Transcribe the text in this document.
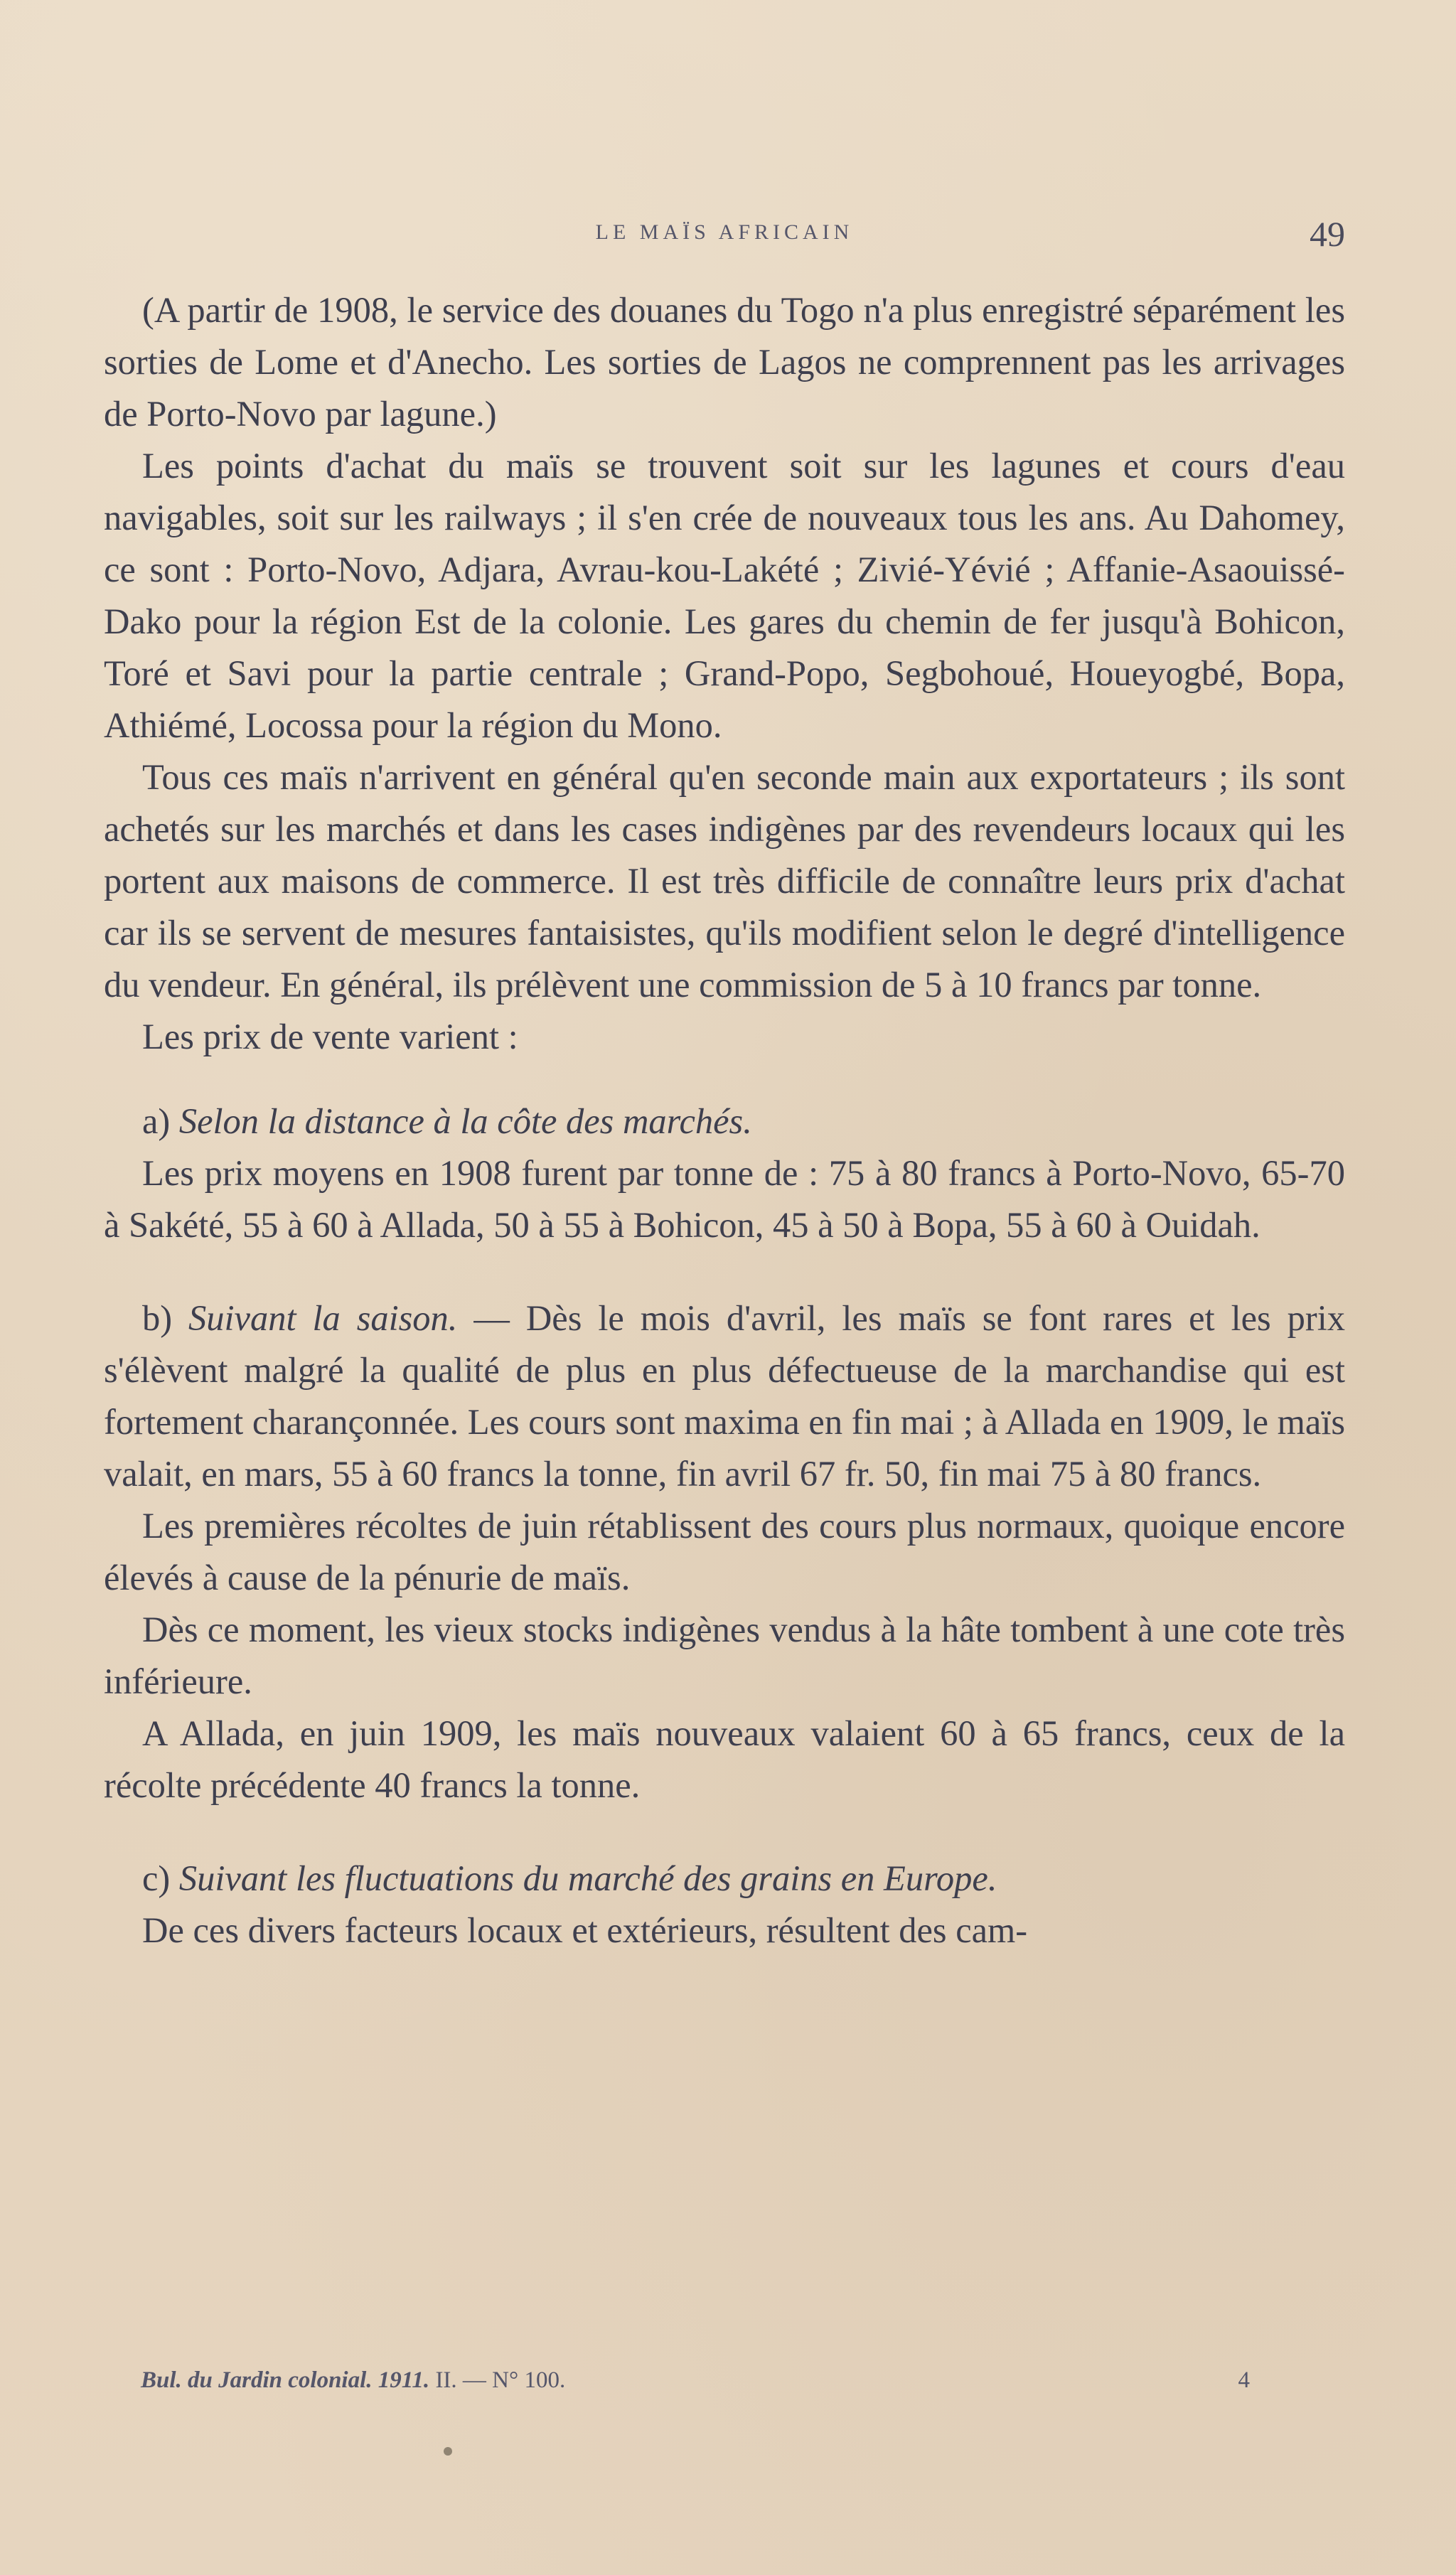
LE MAÏS AFRICAIN	49

(A partir de 1908, le service des douanes du Togo n'a plus enregistré séparément les sorties de Lome et d'Anecho. Les sorties de Lagos ne comprennent pas les arrivages de Porto-Novo par lagune.)

Les points d'achat du maïs se trouvent soit sur les lagunes et cours d'eau navigables, soit sur les railways ; il s'en crée de nouveaux tous les ans. Au Dahomey, ce sont : Porto-Novo, Adjara, Avrau-kou-Lakété ; Zivié-Yévié ; Affanie-Asaouissé-Dako pour la région Est de la colonie. Les gares du chemin de fer jusqu'à Bohicon, Toré et Savi pour la partie centrale ; Grand-Popo, Segbohoué, Houeyogbé, Bopa, Athiémé, Locossa pour la région du Mono.

Tous ces maïs n'arrivent en général qu'en seconde main aux exportateurs ; ils sont achetés sur les marchés et dans les cases indigènes par des revendeurs locaux qui les portent aux maisons de commerce. Il est très difficile de connaître leurs prix d'achat car ils se servent de mesures fantaisistes, qu'ils modifient selon le degré d'intelligence du vendeur. En général, ils prélèvent une commission de 5 à 10 francs par tonne.

Les prix de vente varient :

a) Selon la distance à la côte des marchés.

Les prix moyens en 1908 furent par tonne de : 75 à 80 francs à Porto-Novo, 65-70 à Sakété, 55 à 60 à Allada, 50 à 55 à Bohicon, 45 à 50 à Bopa, 55 à 60 à Ouidah.

b) Suivant la saison. — Dès le mois d'avril, les maïs se font rares et les prix s'élèvent malgré la qualité de plus en plus défectueuse de la marchandise qui est fortement charançonnée. Les cours sont maxima en fin mai ; à Allada en 1909, le maïs valait, en mars, 55 à 60 francs la tonne, fin avril 67 fr. 50, fin mai 75 à 80 francs.

Les premières récoltes de juin rétablissent des cours plus normaux, quoique encore élevés à cause de la pénurie de maïs.

Dès ce moment, les vieux stocks indigènes vendus à la hâte tombent à une cote très inférieure.

A Allada, en juin 1909, les maïs nouveaux valaient 60 à 65 francs, ceux de la récolte précédente 40 francs la tonne.

c) Suivant les fluctuations du marché des grains en Europe.

De ces divers facteurs locaux et extérieurs, résultent des cam-

Bul. du Jardin colonial. 1911. II. — N° 100.	4
